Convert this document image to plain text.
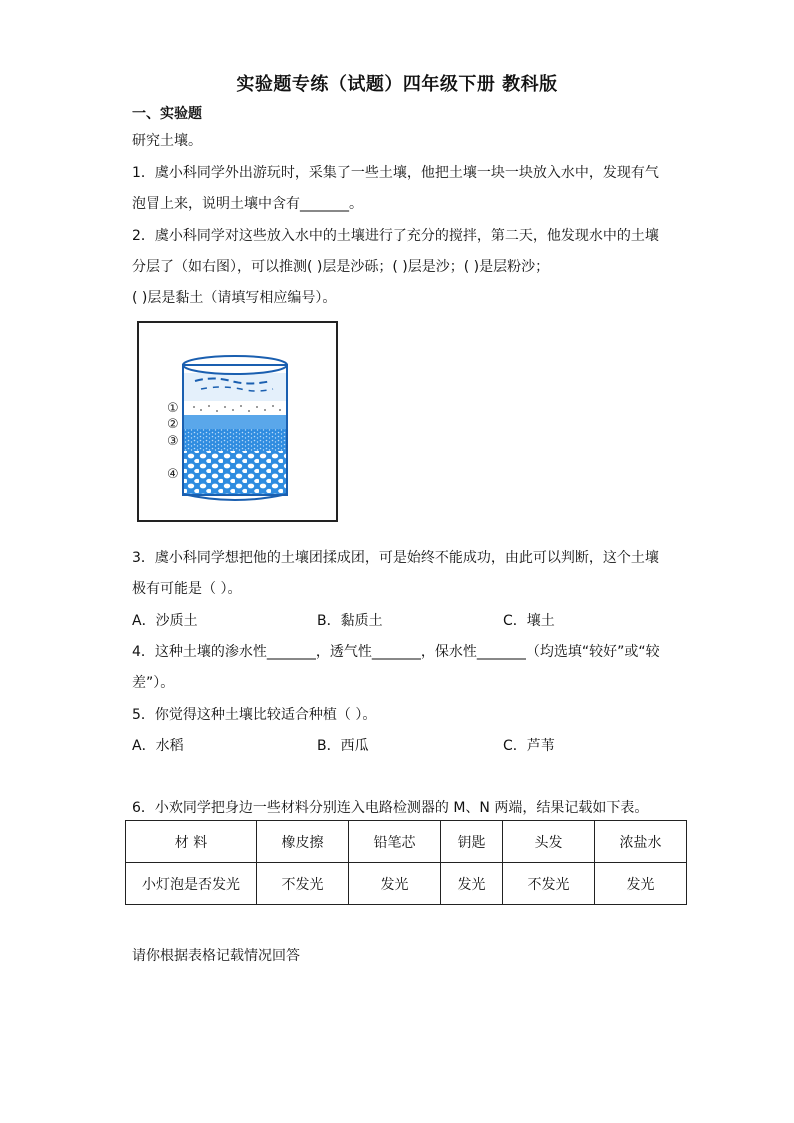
实验题专练（试题）四年级下册 教科版
一、实验题
研究土壤。
1．虞小科同学外出游玩时，采集了一些土壤，他把土壤一块一块放入水中，发现有气
泡冒上来，说明土壤中含有_______。
2．虞小科同学对这些放入水中的土壤进行了充分的搅拌，第二天，他发现水中的土壤
分层了（如右图），可以推测( )层是沙砾；( )层是沙；( )是层粉沙；
( )层是黏土（请填写相应编号）。
①
②
③
④
3．虞小科同学想把他的土壤团揉成团，可是始终不能成功，由此可以判断，这个土壤
极有可能是（ ）。
A．沙质土	B．黏质土	C．壤土
4．这种土壤的渗水性_______，透气性_______，保水性_______（均选填“较好”或“较
差”）。
5．你觉得这种土壤比较适合种植（ ）。
A．水稻	B．西瓜	C．芦苇
6．小欢同学把身边一些材料分别连入电路检测器的 M、N 两端，结果记载如下表。
材 料	橡皮擦	铅笔芯	钥匙	头发	浓盐水
小灯泡是否发光	不发光	发光	发光	不发光	发光
请你根据表格记载情况回答
